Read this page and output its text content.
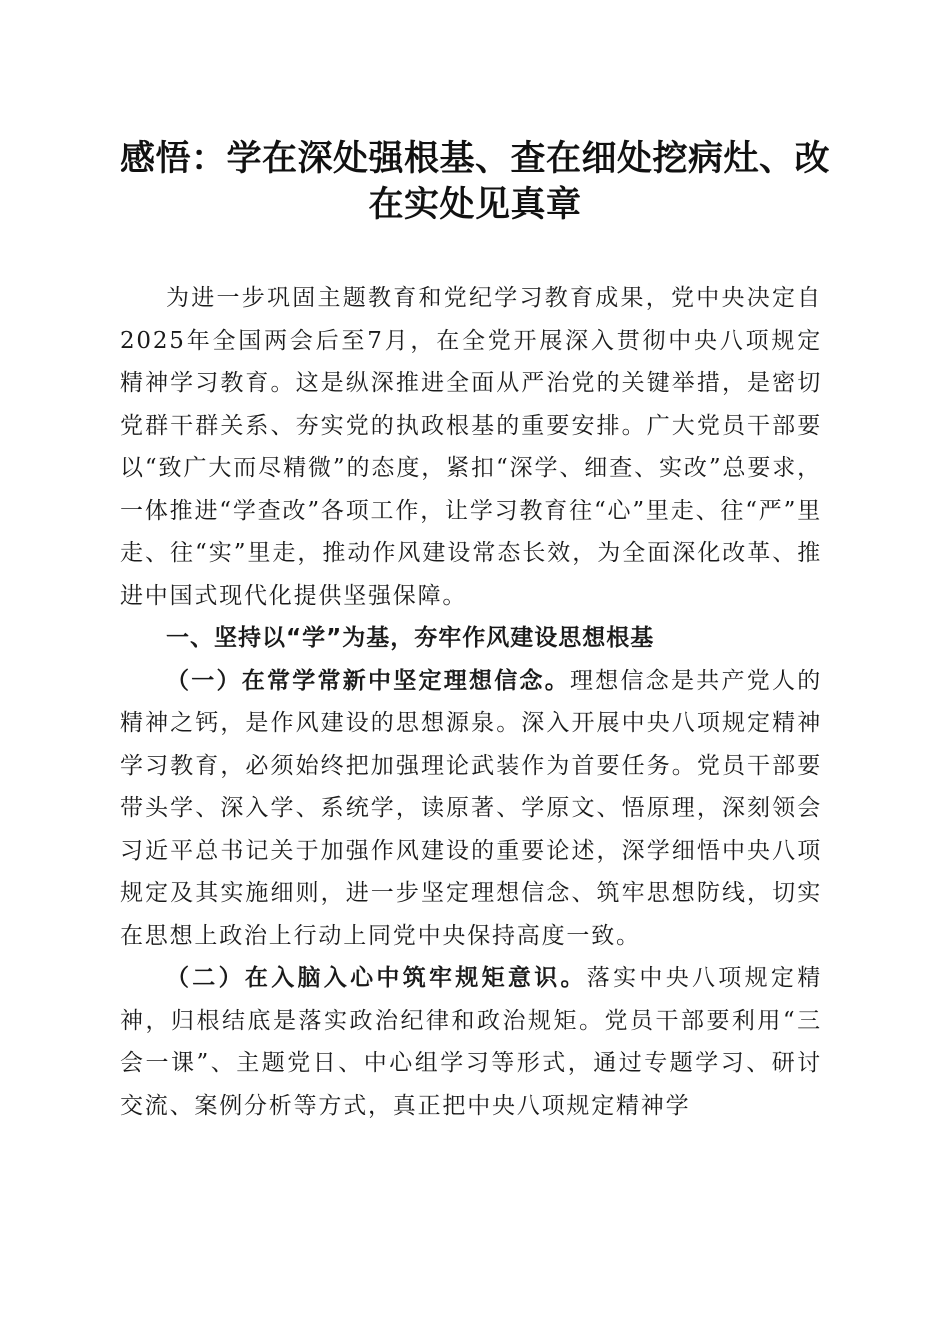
感悟：学在深处强根基、查在细处挖病灶、改
在实处见真章

为进一步巩固主题教育和党纪学习教育成果，党中央决定自2025年全国两会后至7月，在全党开展深入贯彻中央八项规定精神学习教育。这是纵深推进全面从严治党的关键举措，是密切党群干群关系、夯实党的执政根基的重要安排。广大党员干部要以“致广大而尽精微”的态度，紧扣“深学、细查、实改”总要求，一体推进“学查改”各项工作，让学习教育往“心”里走、往“严”里走、往“实”里走，推动作风建设常态长效，为全面深化改革、推进中国式现代化提供坚强保障。

一、坚持以“学”为基，夯牢作风建设思想根基

（一）在常学常新中坚定理想信念。理想信念是共产党人的精神之钙，是作风建设的思想源泉。深入开展中央八项规定精神学习教育，必须始终把加强理论武装作为首要任务。党员干部要带头学、深入学、系统学，读原著、学原文、悟原理，深刻领会习近平总书记关于加强作风建设的重要论述，深学细悟中央八项规定及其实施细则，进一步坚定理想信念、筑牢思想防线，切实在思想上政治上行动上同党中央保持高度一致。

（二）在入脑入心中筑牢规矩意识。落实中央八项规定精神，归根结底是落实政治纪律和政治规矩。党员干部要利用“三会一课”、主题党日、中心组学习等形式，通过专题学习、研讨交流、案例分析等方式，真正把中央八项规定精神学
